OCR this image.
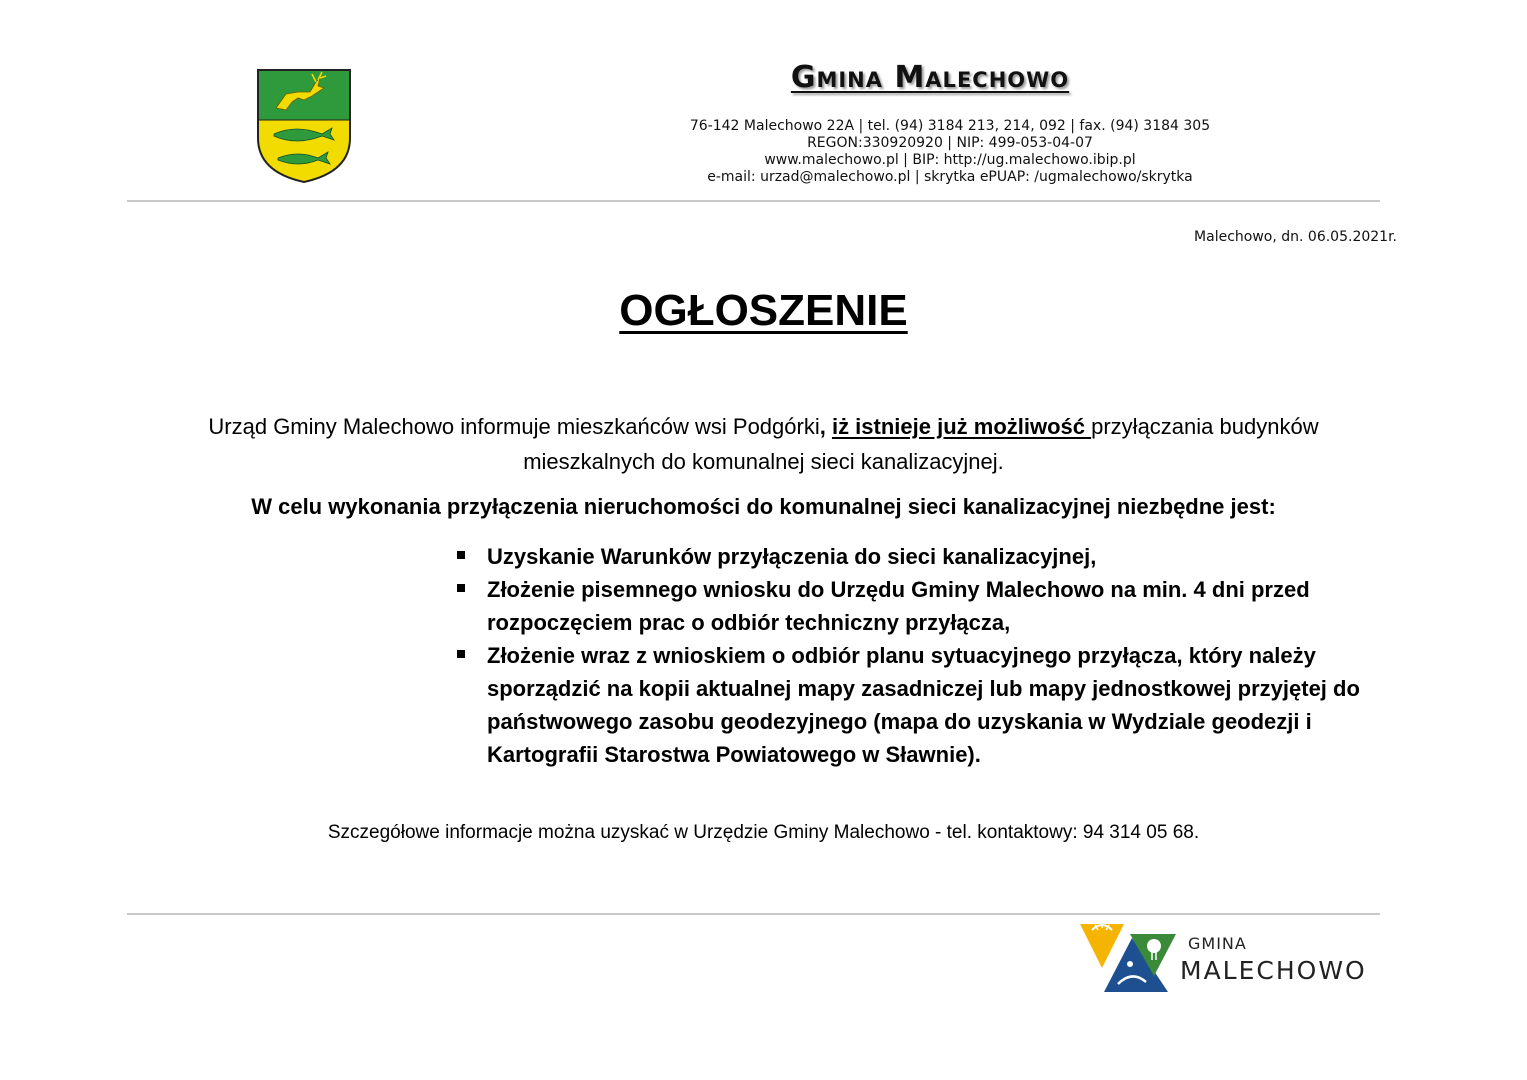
Gmina Malechowo
76-142 Malechowo 22A | tel. (94) 3184 213, 214, 092 | fax. (94) 3184 305
REGON:330920920 | NIP: 499-053-04-07
www.malechowo.pl | BIP: http://ug.malechowo.ibip.pl
e-mail: urzad@malechowo.pl | skrytka ePUAP: /ugmalechowo/skrytka
Malechowo, dn. 06.05.2021r.
OGŁOSZENIE
Urząd Gminy Malechowo informuje mieszkańców wsi Podgórki, iż istnieje już możliwość przyłączania budynków mieszkalnych do komunalnej sieci kanalizacyjnej.
W celu wykonania przyłączenia nieruchomości do komunalnej sieci kanalizacyjnej niezbędne jest:
Uzyskanie Warunków przyłączenia do sieci kanalizacyjnej,
Złożenie pisemnego wniosku do Urzędu Gminy Malechowo na min. 4 dni przed rozpoczęciem prac o odbiór techniczny przyłącza,
Złożenie wraz z wnioskiem o odbiór planu sytuacyjnego przyłącza, który należy sporządzić na kopii aktualnej mapy zasadniczej lub mapy jednostkowej przyjętej do państwowego zasobu geodezyjnego (mapa do uzyskania w Wydziale geodezji i Kartografii Starostwa Powiatowego w Sławnie).
Szczegółowe informacje można uzyskać w Urzędzie Gminy Malechowo - tel. kontaktowy: 94 314 05 68.
GMINA
MALECHOWO
